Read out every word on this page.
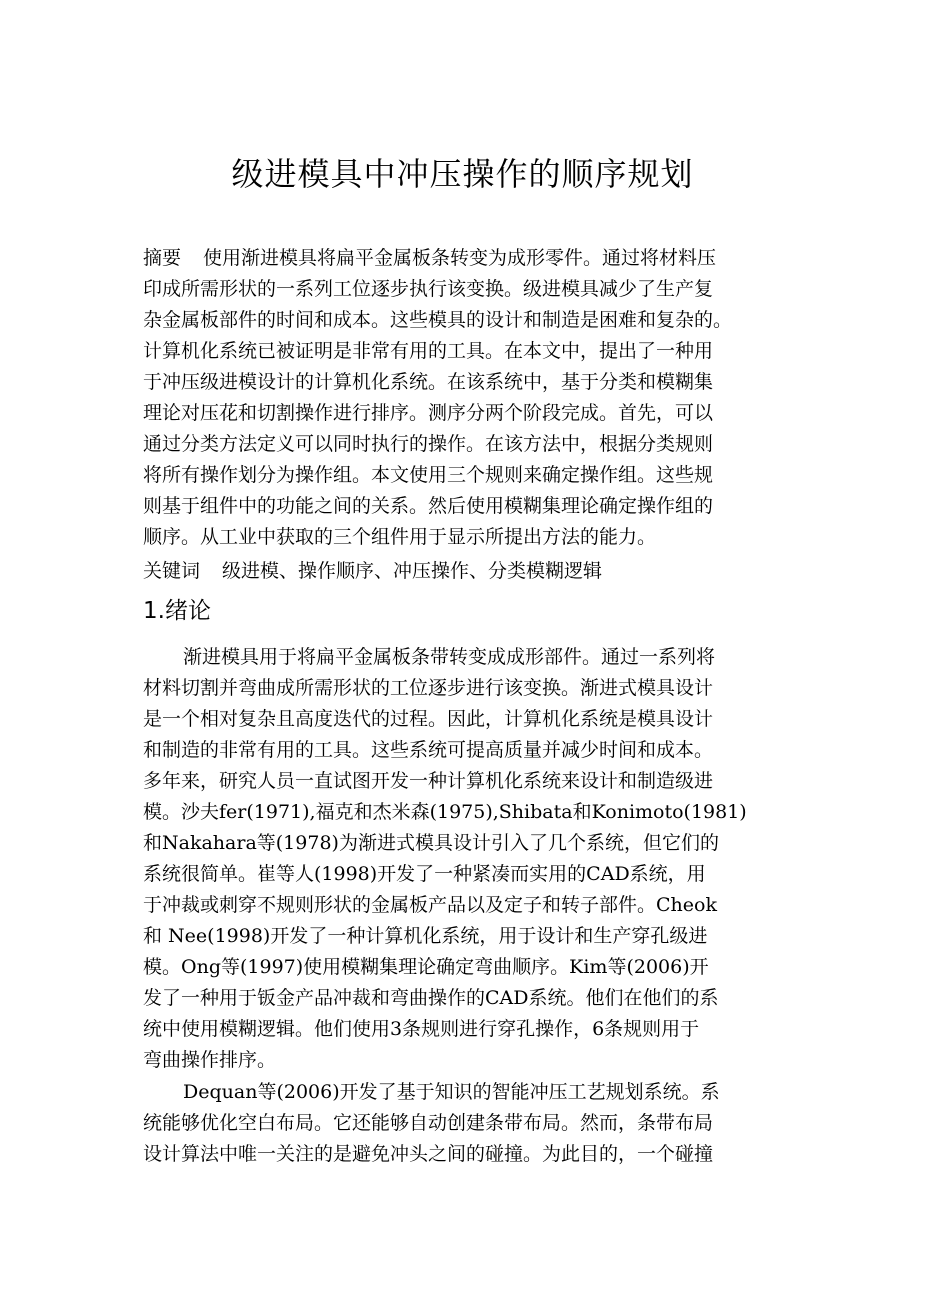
级进模具中冲压操作的顺序规划
摘要 使用渐进模具将扁平金属板条转变为成形零件。通过将材料压
印成所需形状的一系列工位逐步执行该变换。级进模具减少了生产复
杂金属板部件的时间和成本。这些模具的设计和制造是困难和复杂的。
计算机化系统已被证明是非常有用的工具。在本文中，提出了一种用
于冲压级进模设计的计算机化系统。在该系统中，基于分类和模糊集
理论对压花和切割操作进行排序。测序分两个阶段完成。首先，可以
通过分类方法定义可以同时执行的操作。在该方法中，根据分类规则
将所有操作划分为操作组。本文使用三个规则来确定操作组。这些规
则基于组件中的功能之间的关系。然后使用模糊集理论确定操作组的
顺序。从工业中获取的三个组件用于显示所提出方法的能力。
关键词 级进模、操作顺序、冲压操作、分类模糊逻辑
1.绪论
渐进模具用于将扁平金属板条带转变成成形部件。通过一系列将
材料切割并弯曲成所需形状的工位逐步进行该变换。渐进式模具设计
是一个相对复杂且高度迭代的过程。因此，计算机化系统是模具设计
和制造的非常有用的工具。这些系统可提高质量并减少时间和成本。
多年来，研究人员一直试图开发一种计算机化系统来设计和制造级进
模。沙夫fer(1971),福克和杰米森(1975),Shibata和Konimoto(1981)
和Nakahara等(1978)为渐进式模具设计引入了几个系统，但它们的
系统很简单。崔等人(1998)开发了一种紧凑而实用的CAD系统，用
于冲裁或刺穿不规则形状的金属板产品以及定子和转子部件。Cheok
和 Nee(1998)开发了一种计算机化系统，用于设计和生产穿孔级进
模。Ong等(1997)使用模糊集理论确定弯曲顺序。Kim等(2006)开
发了一种用于钣金产品冲裁和弯曲操作的CAD系统。他们在他们的系
统中使用模糊逻辑。他们使用3条规则进行穿孔操作，6条规则用于
弯曲操作排序。
Dequan等(2006)开发了基于知识的智能冲压工艺规划系统。系
统能够优化空白布局。它还能够自动创建条带布局。然而，条带布局
设计算法中唯一关注的是避免冲头之间的碰撞。为此目的，一个碰撞
